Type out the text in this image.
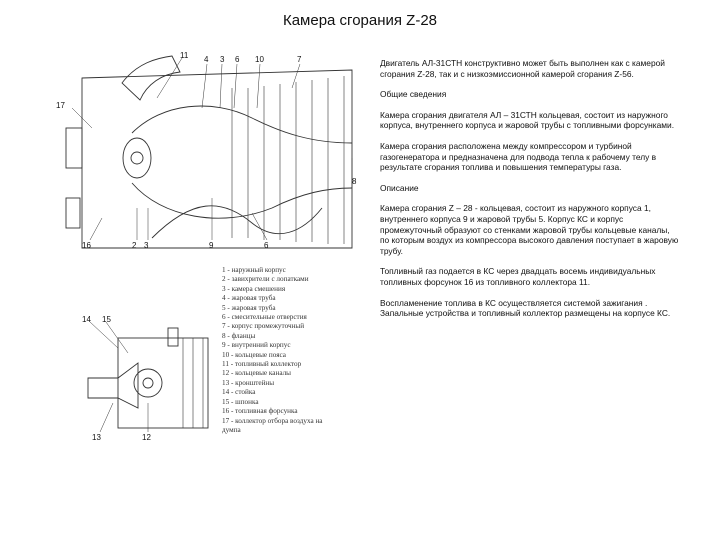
Камера сгорания Z-28
11 4 3 6 10	7
17
16	2 3	9	6
8
14 15
13	12
1 - наружный корпус
2 - завихрители с лопатками
3 - камера смешения
4 - жаровая труба
5 - жаровая труба
6 - смесительные отверстия
7 - корпус промежуточный
8 - фланцы
9 - внутренний корпус
10 - кольцевые пояса
11 - топливный коллектор
12 - кольцевые каналы
13 - кронштейны
14 - стойка
15 - шпонка
16 - топливная форсунка
17 - коллектор отбора воздуха на
думпа

Двигатель АЛ-31СТН конструктивно может быть выполнен как с камерой сгорания Z-28, так и с низкоэмиссионной камерой сгорания Z-56.

Общие сведения

Камера сгорания двигателя АЛ – 31СТН кольцевая, состоит из наружного корпуса, внутреннего корпуса и жаровой трубы с топливными форсунками.

Камера сгорания расположена между компрессором и турбиной газогенератора и предназначена для подвода тепла к рабочему телу в результате сгорания топлива и повышения температуры газа.

Описание

Камера сгорания Z – 28 - кольцевая, состоит из наружного корпуса 1, внутреннего корпуса 9 и жаровой трубы 5. Корпус КС и корпус промежуточный образуют со стенками жаровой трубы кольцевые каналы, по которым воздух из компрессора высокого давления поступает в жаровую трубу.

Топливный газ подается в КС через двадцать восемь индивидуальных топливных форсунок 16 из топливного коллектора 11.

Воспламенение топлива в КС осуществляется системой зажигания . Запальные устройства и топливный коллектор размещены на корпусе КС.
